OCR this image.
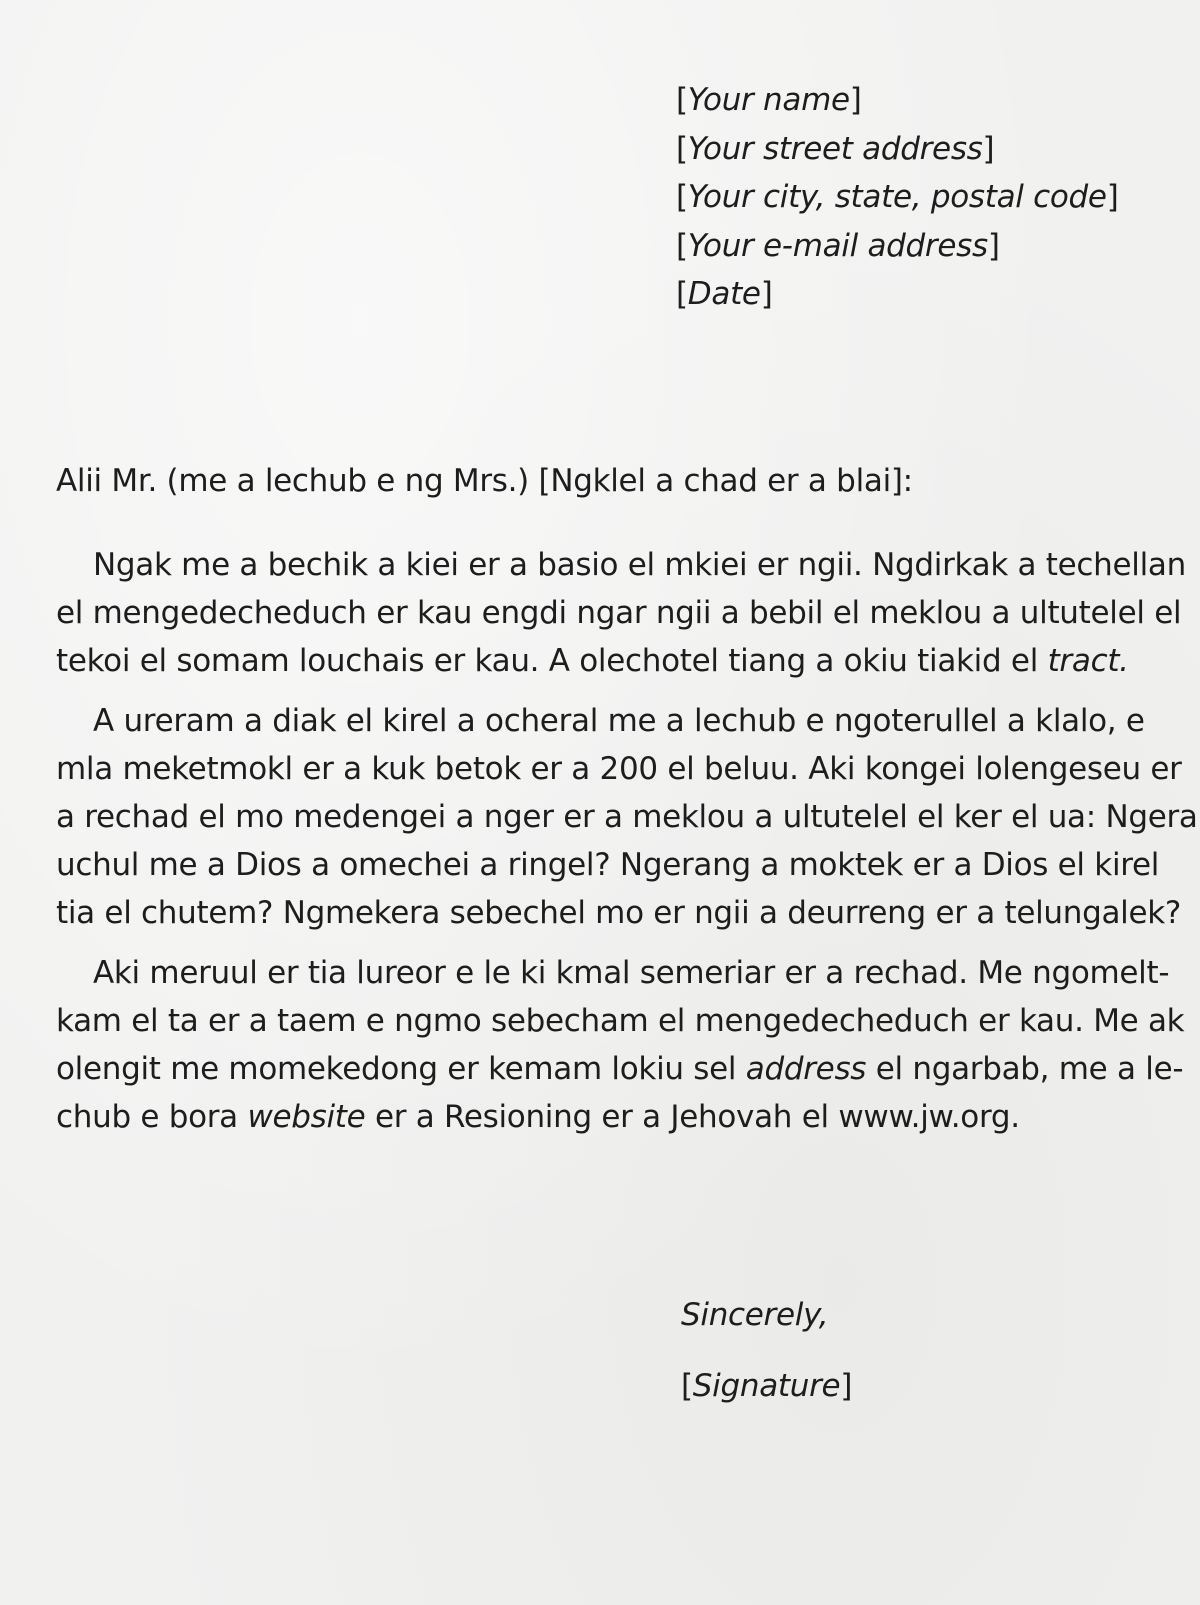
[Your name]
[Your street address]
[Your city, state, postal code]
[Your e-mail address]
[Date]
Alii Mr. (me a lechub e ng Mrs.) [Ngklel a chad er a blai]:
Ngak me a bechik a kiei er a basio el mkiei er ngii. Ngdirkak a techellan
el mengedecheduch er kau engdi ngar ngii a bebil el meklou a ultutelel el
tekoi el somam louchais er kau. A olechotel tiang a okiu tiakid el tract.
A ureram a diak el kirel a ocheral me a lechub e ngoterullel a klalo, e
mla meketmokl er a kuk betok er a 200 el beluu. Aki kongei lolengeseu er
a rechad el mo medengei a nger er a meklou a ultutelel el ker el ua: Ngera
uchul me a Dios a omechei a ringel? Ngerang a moktek er a Dios el kirel
tia el chutem? Ngmekera sebechel mo er ngii a deurreng er a telungalek?
Aki meruul er tia lureor e le ki kmal semeriar er a rechad. Me ngomelt-
kam el ta er a taem e ngmo sebecham el mengedecheduch er kau. Me ak
olengit me momekedong er kemam lokiu sel address el ngarbab, me a le-
chub e bora website er a Resioning er a Jehovah el www.jw.org.
Sincerely,
[Signature]
